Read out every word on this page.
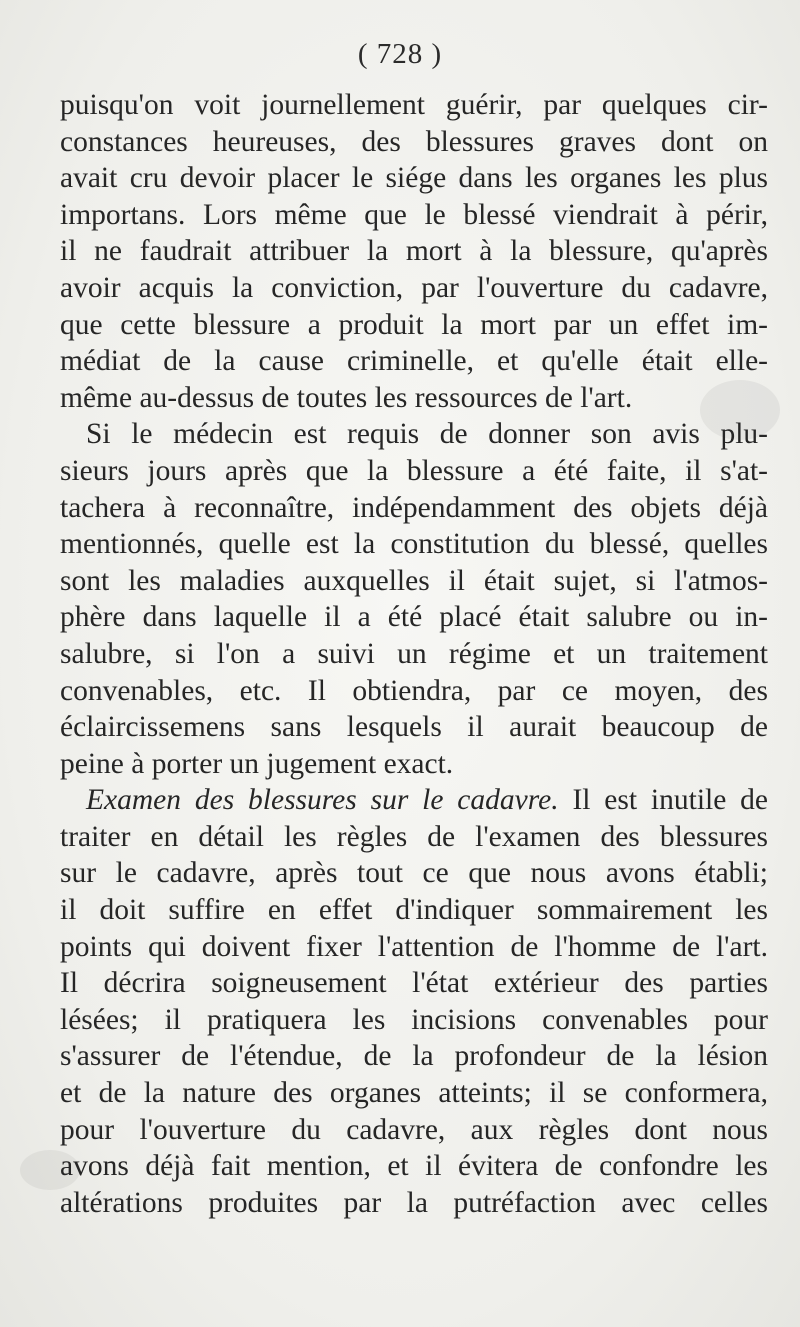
( 728 )
puisqu'on voit journellement guérir, par quelques cir-
constances heureuses, des blessures graves dont on
avait cru devoir placer le siége dans les organes les plus
importans. Lors même que le blessé viendrait à périr,
il ne faudrait attribuer la mort à la blessure, qu'après
avoir acquis la conviction, par l'ouverture du cadavre,
que cette blessure a produit la mort par un effet im-
médiat de la cause criminelle, et qu'elle était elle-
même au-dessus de toutes les ressources de l'art.
Si le médecin est requis de donner son avis plu-
sieurs jours après que la blessure a été faite, il s'at-
tachera à reconnaître, indépendamment des objets déjà
mentionnés, quelle est la constitution du blessé, quelles
sont les maladies auxquelles il était sujet, si l'atmos-
phère dans laquelle il a été placé était salubre ou in-
salubre, si l'on a suivi un régime et un traitement
convenables, etc. Il obtiendra, par ce moyen, des
éclaircissemens sans lesquels il aurait beaucoup de
peine à porter un jugement exact.
Examen des blessures sur le cadavre. Il est inutile de
traiter en détail les règles de l'examen des blessures
sur le cadavre, après tout ce que nous avons établi;
il doit suffire en effet d'indiquer sommairement les
points qui doivent fixer l'attention de l'homme de l'art.
Il décrira soigneusement l'état extérieur des parties
lésées; il pratiquera les incisions convenables pour
s'assurer de l'étendue, de la profondeur de la lésion
et de la nature des organes atteints; il se conformera,
pour l'ouverture du cadavre, aux règles dont nous
avons déjà fait mention, et il évitera de confondre les
altérations produites par la putréfaction avec celles
